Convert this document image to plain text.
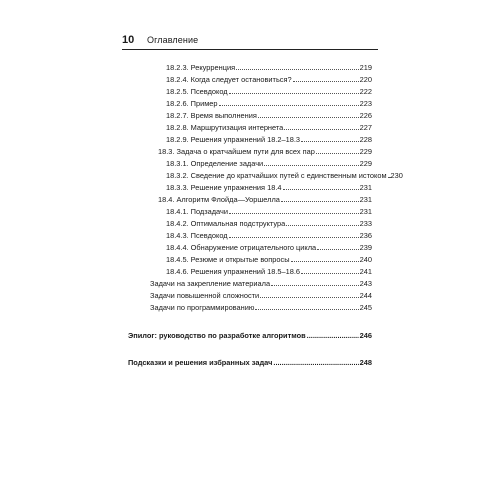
10 Оглавление
18.2.3. Рекурренция	219
18.2.4. Когда следует остановиться?	220
18.2.5. Псевдокод	222
18.2.6. Пример	223
18.2.7. Время выполнения	226
18.2.8. Маршрутизация интернета	227
18.2.9. Решения упражнений 18.2–18.3	228
18.3. Задача о кратчайшем пути для всех пар	229
18.3.1. Определение задачи	229
18.3.2. Сведение до кратчайших путей с единственным истоком 230
18.3.3. Решение упражнения 18.4	231
18.4. Алгоритм Флойда—Уоршелла	231
18.4.1. Подзадачи	231
18.4.2. Оптимальная подструктура	233
18.4.3. Псевдокод	236
18.4.4. Обнаружение отрицательного цикла	239
18.4.5. Резюме и открытые вопросы	240
18.4.6. Решения упражнений 18.5–18.6	241
Задачи на закрепление материала	243
Задачи повышенной сложности	244
Задачи по программированию	245
Эпилог: руководство по разработке алгоритмов .....	246
Подсказки и решения избранных задач .....	248
